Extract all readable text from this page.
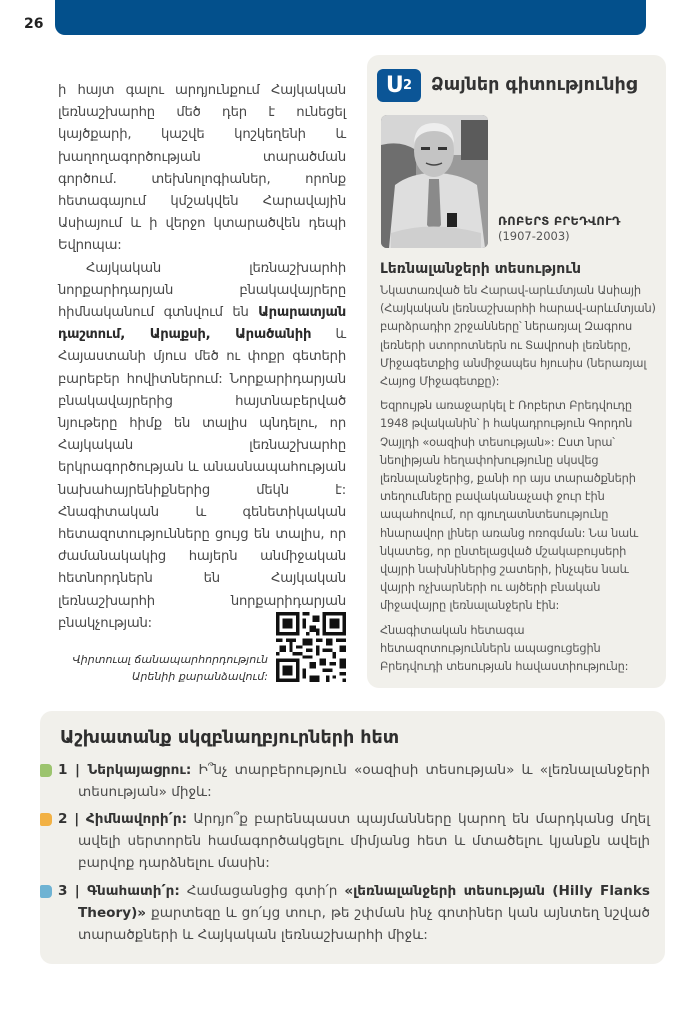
26

ի հայտ գալու արդյունքում Հայկական լեռնաշխարհը մեծ դեր է ունեցել կայծքարի, կաշվե կոշկեղենի և խաղողագործության տարածման գործում. տեխնոլոգիաներ, որոնք հետագայում կմշակվեն Հարավային Ասիայում և ի վերջո կտարածվեն դեպի Եվրոպա:

Հայկական լեռնաշխարհի նորքարիդարյան բնակավայրերը հիմնականում գտնվում են Արարատյան դաշտում, Արաքսի, Արածանիի և Հայաստանի մյուս մեծ ու փոքր գետերի բարեբեր հովիտներում: Նորքարիդարյան բնակավայրերից հայտնաբերված նյութերը հիմք են տալիս պնդելու, որ Հայկական լեռնաշխարհը երկրագործության և անասնապահության նախահայրենիքներից մեկն է: Հնագիտական և գենետիկական հետազոտությունները ցույց են տալիս, որ ժամանակակից հայերն անմիջական հետնորդներն են Հայկական լեռնաշխարհի նորքարիդարյան բնակչության:

Վիրտուալ ճանապարհորդություն
Արենիի քարանձավում:
Ս 2 Ձայներ գիտությունից
ՌՈԲԵՐՏ ԲՐԵԴՎՈՒԴ
(1907-2003)
Լեռնալանջերի տեսություն

Նկատառված են Հարավ-արևմտյան Ասիայի (Հայկական լեռնաշխարհի հարավ-արևմտյան) բարձրադիր շրջանները՝ ներառյալ Զագրոս լեռների ստորոտներն ու Տավրոսի լեռները, Միջագետքից անմիջապես հյուսիս (ներառյալ Հայոց Միջագետքը):

Եզրույթն առաջարկել է Ռոբերտ Բրեդվուդը 1948 թվականին՝ ի հակադրություն Գորդոն Չայլդի «օազիսի տեսության»: Ըստ նրա՝ նեոլիթյան հեղափոխությունը սկսվեց լեռնալանջերից, քանի որ այս տարածքների տեղումները բավականաչափ ջուր էին ապահովում, որ գյուղատնտեսությունը հնարավոր լիներ առանց ոռոգման: Նա նաև նկատեց, որ ընտելացված մշակաբույսերի վայրի նախնիներից շատերի, ինչպես նաև վայրի ոչխարների ու այծերի բնական միջավայրը լեռնալանջերն էին:

Հնագիտական հետագա հետազոտություններն ապացուցեցին Բրեդվուդի տեսության հավաստիությունը:

Աշխատանք սկզբնաղբյուրների հետ
1 | Ներկայացրու: Ի՞նչ տարբերություն «օազիսի տեսության» և «լեռնալանջերի տեսության» միջև:
2 | Հիմնավորի՛ր: Արդյո՞ք բարենպաստ պայմանները կարող են մարդկանց մղել ավելի սերտորեն համագործակցելու միմյանց հետ և մտածելու կյանքն ավելի բարվոք դարձնելու մասին:
3 | Գնահատի՛ր: Համացանցից գտի՛ր «լեռնալանջերի տեսության (Hilly Flanks Theory)» քարտեզը և ցո՛ւյց տուր, թե շփման ինչ գոտիներ կան այնտեղ նշված տարածքների և Հայկական լեռնաշխարհի միջև:
